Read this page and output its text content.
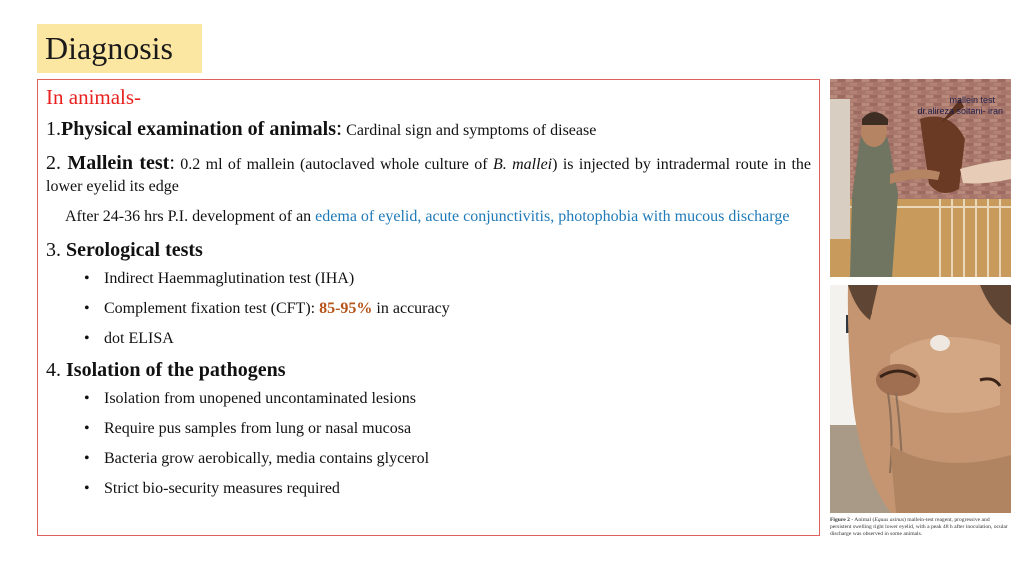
Diagnosis
In animals-
1.Physical examination of animals: Cardinal sign and symptoms of disease
2. Mallein test: 0.2 ml of mallein (autoclaved whole culture of B. mallei) is injected by intradermal route in the lower eyelid its edge
After 24-36 hrs P.I. development of an edema of eyelid, acute conjunctivitis, photophobia with mucous discharge
3. Serological tests
• Indirect Haemmaglutination test (IHA)
• Complement fixation test (CFT): 85-95% in accuracy
• dot ELISA
4. Isolation of the pathogens
• Isolation from unopened uncontaminated lesions
• Require pus samples from lung or nasal mucosa
• Bacteria grow aerobically, media contains glycerol
• Strict bio-security measures required
mallein test
dr.alireza soltani- iran
Figure 2 - Animal (Equus asinus) mallein-test reagent, progressive and persistent swelling right lower eyelid, with a peak 48 h after inoculation, ocular discharge was observed in some animals.
